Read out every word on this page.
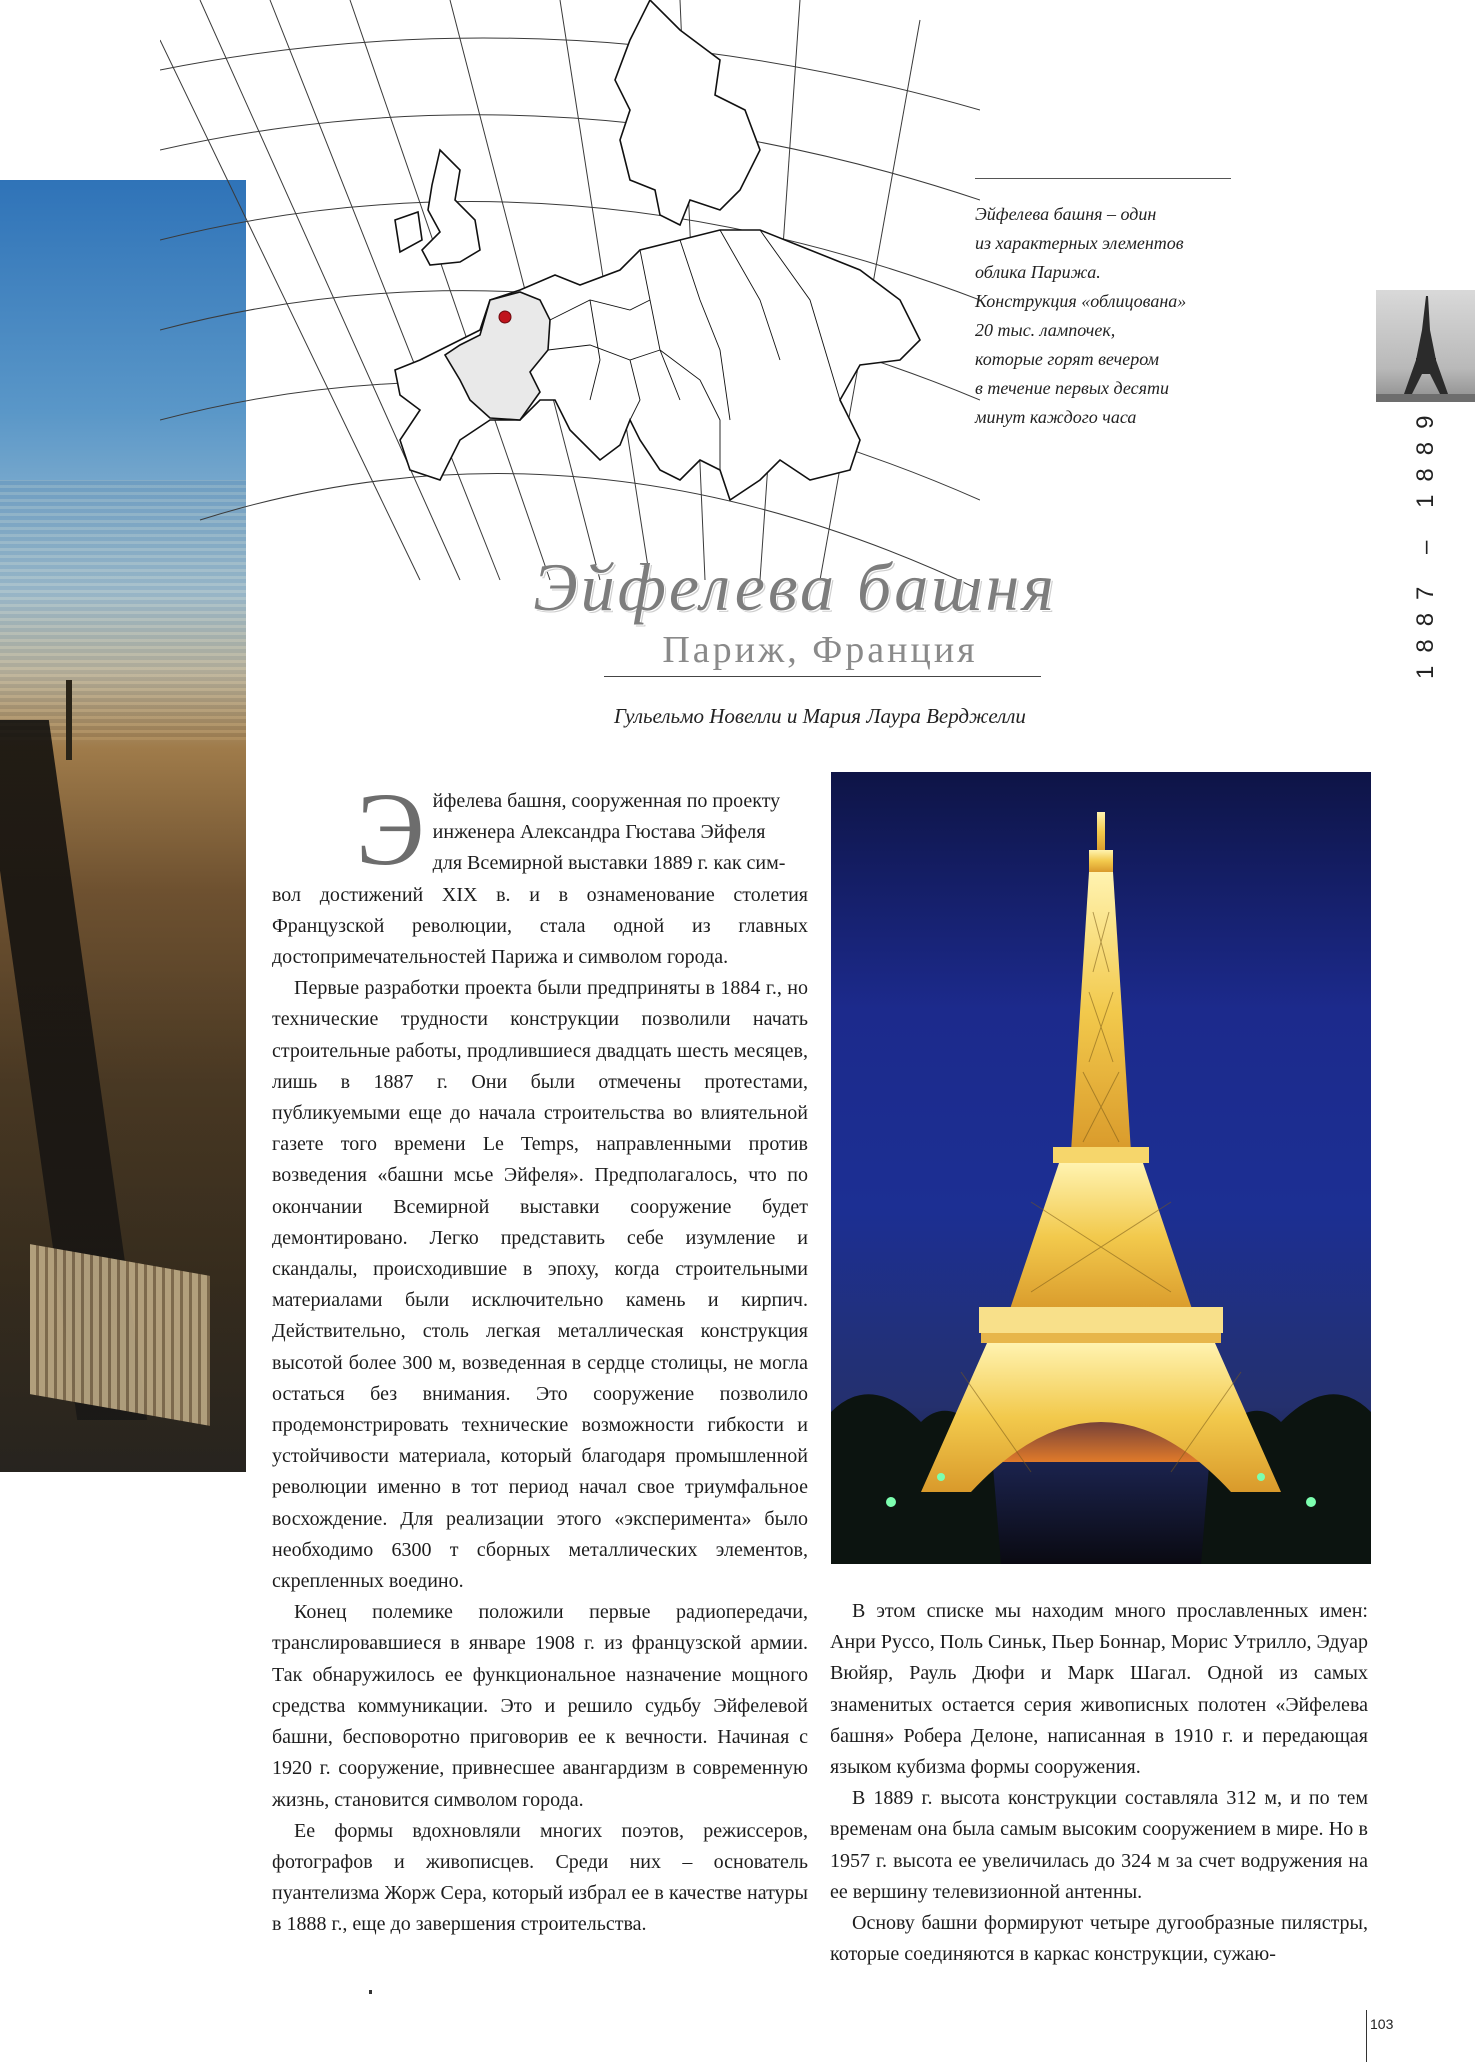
Эйфелева башня – один
из характерных элементов
облика Парижа.
Конструкция «облицована»
20 тыс. лампочек,
которые горят вечером
в течение первых десяти
минут каждого часа	1887 – 1889
Эйфелева башня
Париж, Франция
Гульельмо Новелли и Мария Лаура Верджелли
Э йфелева башня, сооруженная по проекту
инженера Александра Гюстава Эйфеля
для Всемирной выставки 1889 г. как сим-

вол достижений XIX в. и в ознаменование столетия Французской революции, стала одной из главных достопримечательностей Парижа и символом города.

Первые разработки проекта были предприняты в 1884 г., но технические трудности конструкции позволили начать строительные работы, продлившиеся двадцать шесть месяцев, лишь в 1887 г. Они были отмечены протестами, публикуемыми еще до начала строительства во влиятельной газете того времени Le Temps, направленными против возведения «башни мсье Эйфеля». Предполагалось, что по окончании Всемирной выставки сооружение будет демонтировано. Легко представить себе изумление и скандалы, происходившие в эпоху, когда строительными материалами были исключительно камень и кирпич. Действительно, столь легкая металлическая конструкция высотой более 300 м, возведенная в сердце столицы, не могла остаться без внимания. Это сооружение позволило продемонстрировать технические возможности гибкости и устойчивости материала, который благодаря промышленной революции именно в тот период начал свое триумфальное восхождение. Для реализации этого «эксперимента» было необходимо 6300 т сборных металлических элементов, скрепленных воедино.

Конец полемике положили первые радиопередачи, транслировавшиеся в январе 1908 г. из французской армии. Так обнаружилось ее функциональное назначение мощного средства коммуникации. Это и решило судьбу Эйфелевой башни, бесповоротно приговорив ее к вечности. Начиная с 1920 г. сооружение, привнесшее авангардизм в современную жизнь, становится символом города.

Ее формы вдохновляли многих поэтов, режиссеров, фотографов и живописцев. Среди них – основатель пуантелизма Жорж Сера, который избрал ее в качестве натуры в 1888 г., еще до завершения строительства.

В этом списке мы находим много прославленных имен: Анри Руссо, Поль Синьк, Пьер Боннар, Морис Утрилло, Эдуар Вюйяр, Рауль Дюфи и Марк Шагал. Одной из самых знаменитых остается серия живописных полотен «Эйфелева башня» Робера Делоне, написанная в 1910 г. и передающая языком кубизма формы сооружения.

В 1889 г. высота конструкции составляла 312 м, и по тем временам она была самым высоким сооружением в мире. Но в 1957 г. высота ее увеличилась до 324 м за счет водружения на ее вершину телевизионной антенны.

Основу башни формируют четыре дугообразные пилястры, которые соединяются в каркас конструкции, сужаю-

103
